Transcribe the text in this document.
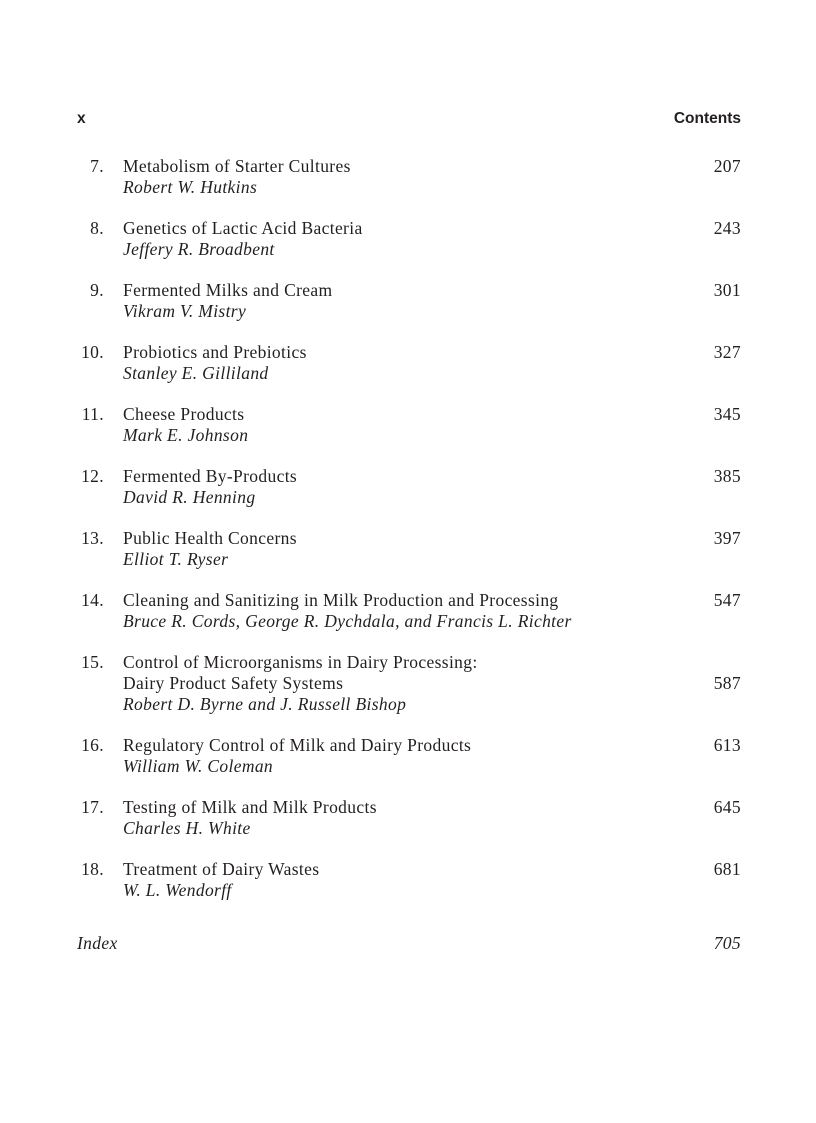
x	Contents
7. Metabolism of Starter Cultures
Robert W. Hutkins
207
8. Genetics of Lactic Acid Bacteria
Jeffery R. Broadbent
243
9. Fermented Milks and Cream
Vikram V. Mistry
301
10. Probiotics and Prebiotics
Stanley E. Gilliland
327
11. Cheese Products
Mark E. Johnson
345
12. Fermented By-Products
David R. Henning
385
13. Public Health Concerns
Elliot T. Ryser
397
14. Cleaning and Sanitizing in Milk Production and Processing
Bruce R. Cords, George R. Dychdala, and Francis L. Richter
547
15. Control of Microorganisms in Dairy Processing:
Dairy Product Safety Systems
Robert D. Byrne and J. Russell Bishop
587
16. Regulatory Control of Milk and Dairy Products
William W. Coleman
613
17. Testing of Milk and Milk Products
Charles H. White
645
18. Treatment of Dairy Wastes
W. L. Wendorff
681
Index	705
